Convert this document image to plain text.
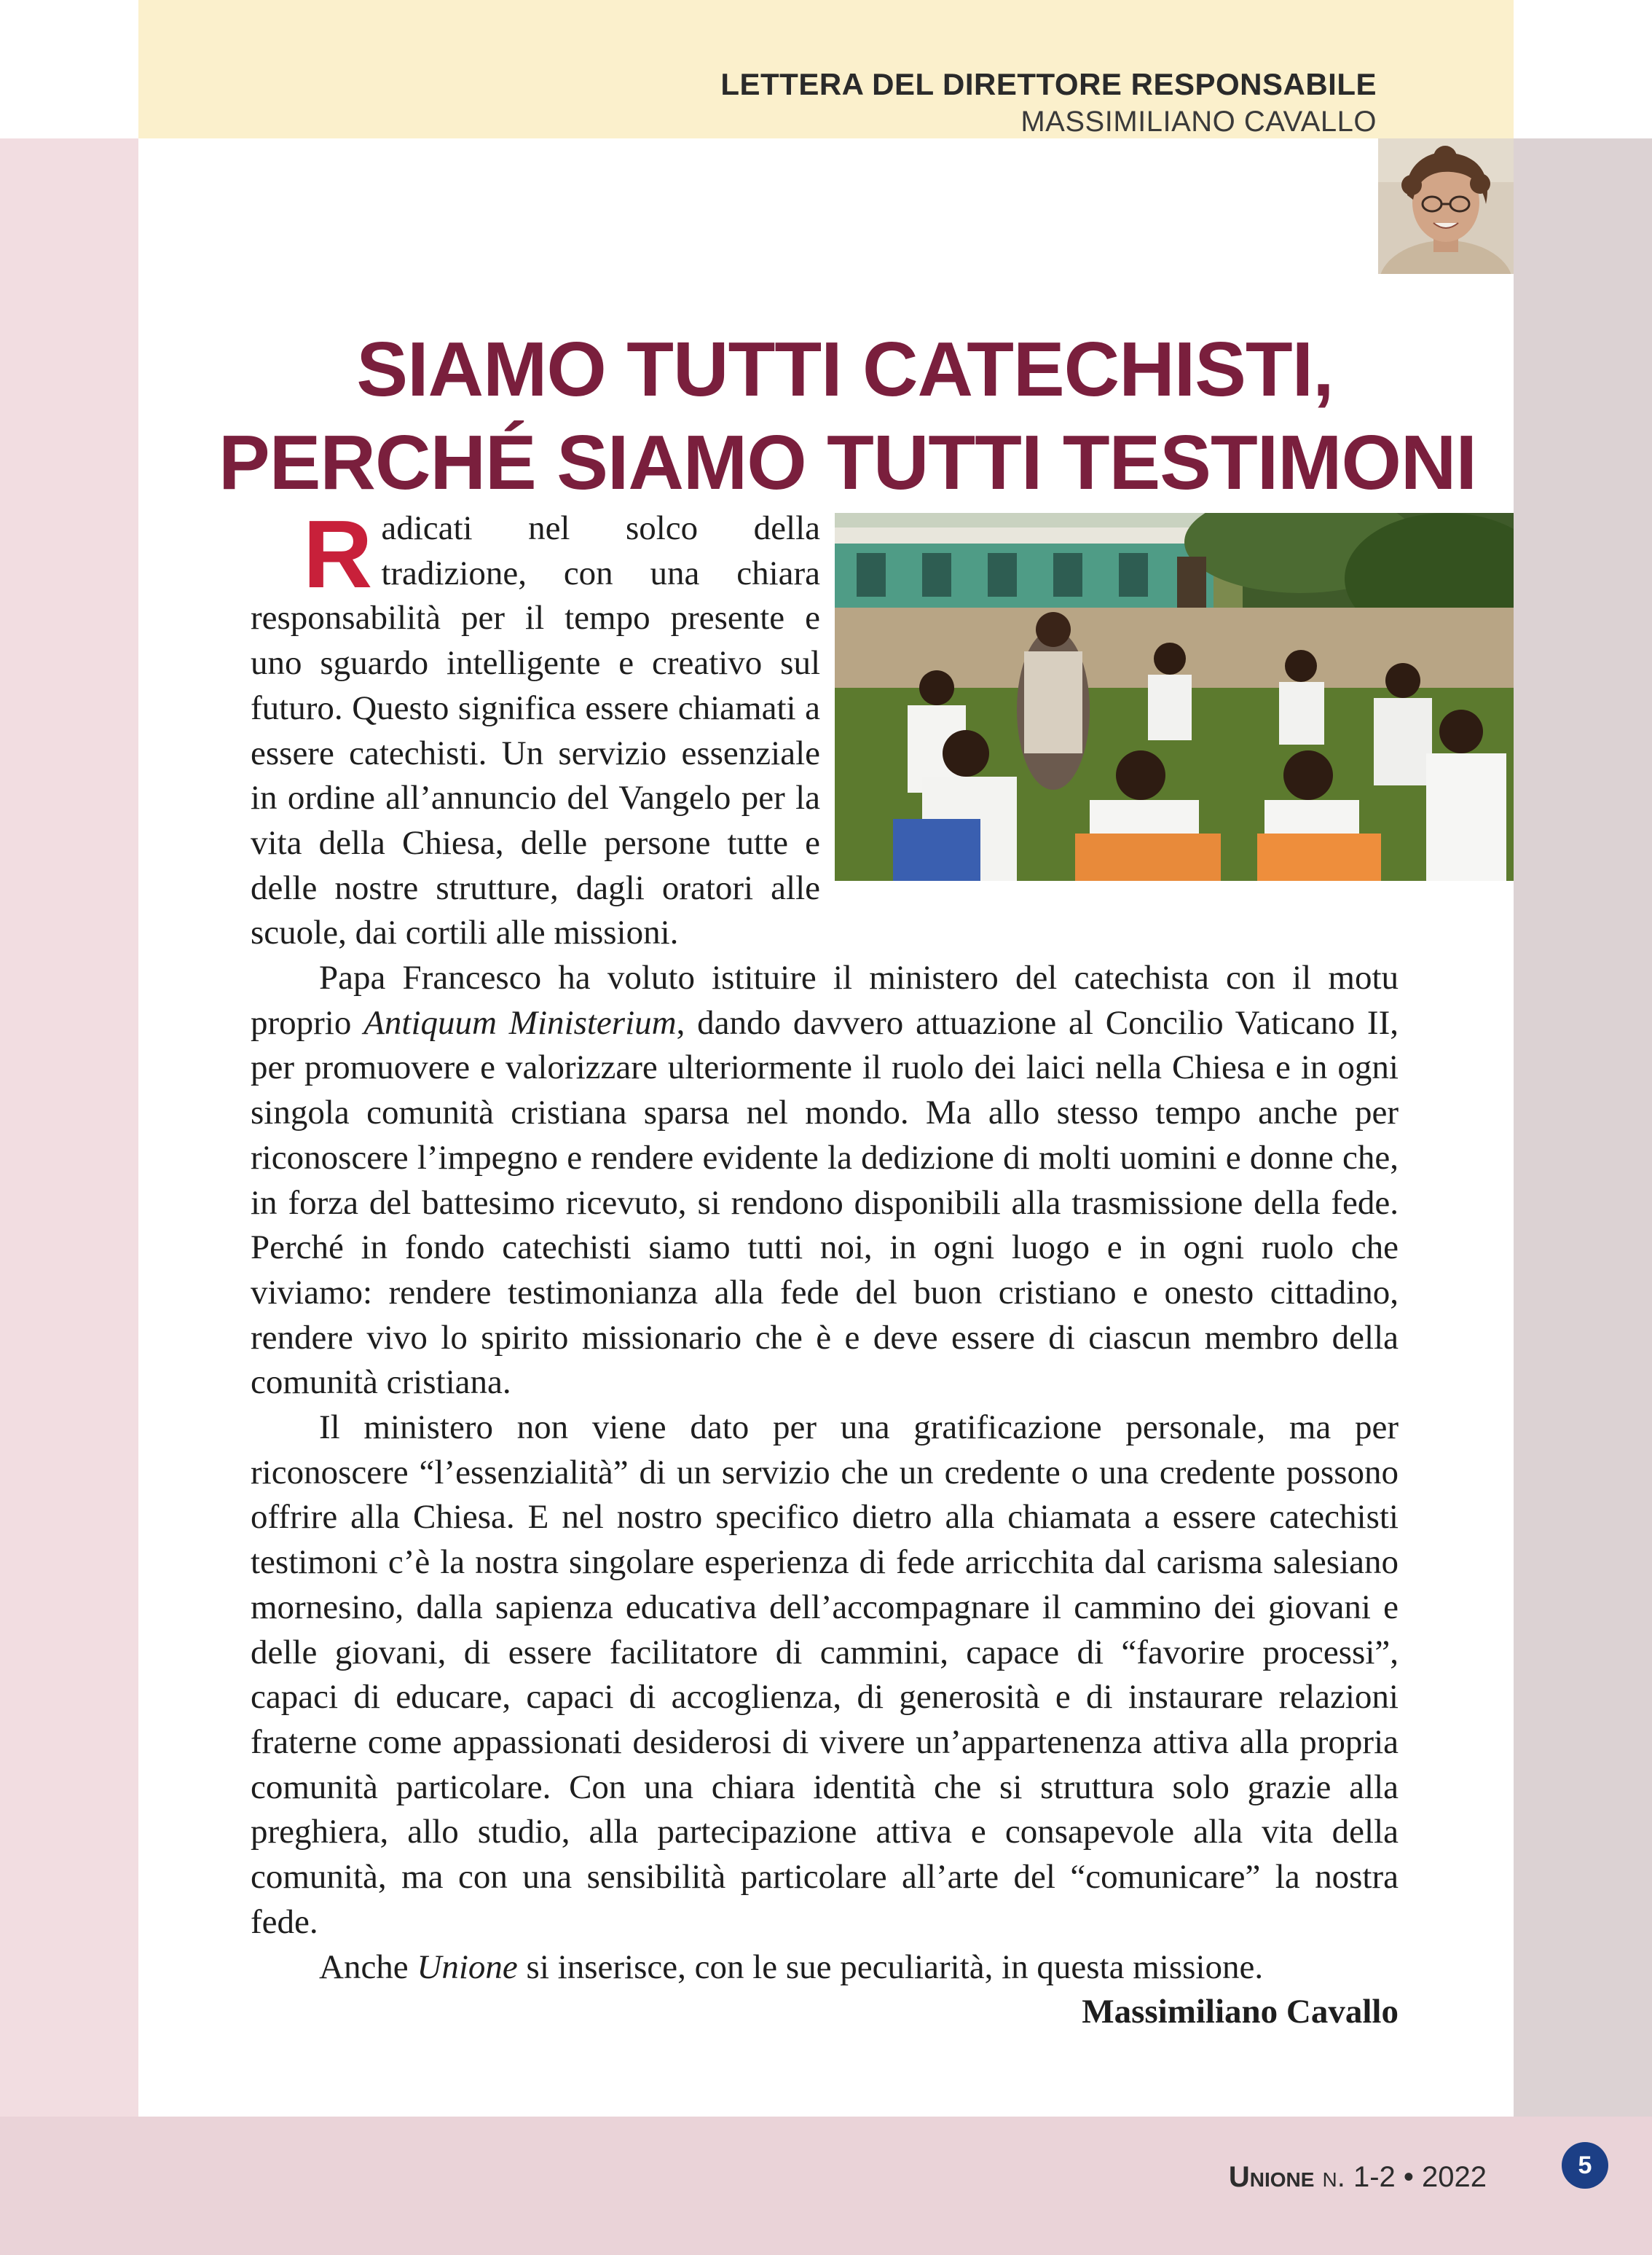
LETTERA DEL DIRETTORE RESPONSABILE
MASSIMILIANO CAVALLO
SIAMO TUTTI CATECHISTI,
PERCHÉ SIAMO TUTTI TESTIMONI

Radicati nel solco della tradizione, con una chiara responsabilità per il tempo presente e uno sguardo intelligente e creativo sul futuro. Questo significa essere chiamati a essere catechisti. Un servizio essenziale in ordine all’annuncio del Vangelo per la vita della Chiesa, delle persone tutte e delle nostre strutture, dagli oratori alle scuole, dai cortili alle missioni.

Papa Francesco ha voluto istituire il ministero del catechista con il motu proprio Antiquum Ministerium, dando davvero attuazione al Concilio Vaticano II, per promuovere e valorizzare ulteriormente il ruolo dei laici nella Chiesa e in ogni singola comunità cristiana sparsa nel mondo. Ma allo stesso tempo anche per riconoscere l’impegno e rendere evidente la dedizione di molti uomini e donne che, in forza del battesimo ricevuto, si rendono disponibili alla trasmissione della fede. Perché in fondo catechisti siamo tutti noi, in ogni luogo e in ogni ruolo che viviamo: rendere testimonianza alla fede del buon cristiano e onesto cittadino, rendere vivo lo spirito missionario che è e deve essere di ciascun membro della comunità cristiana.

Il ministero non viene dato per una gratificazione personale, ma per riconoscere “l’essenzialità” di un servizio che un credente o una credente possono offrire alla Chiesa. E nel nostro specifico dietro alla chiamata a essere catechisti testimoni c’è la nostra singolare esperienza di fede arricchita dal carisma salesiano mornesino, dalla sapienza educativa dell’accompagnare il cammino dei giovani e delle giovani, di essere facilitatore di cammini, capace di “favorire processi”, capaci di educare, capaci di accoglienza, di generosità e di instaurare relazioni fraterne come appassionati desiderosi di vivere un’appartenenza attiva alla propria comunità particolare. Con una chiara identità che si struttura solo grazie alla preghiera, allo studio, alla partecipazione attiva e consapevole alla vita della comunità, ma con una sensibilità particolare all’arte del “comunicare” la nostra fede.

Anche Unione si inserisce, con le sue peculiarità, in questa missione.

Massimiliano Cavallo

Unione n. 1-2 • 2022	5
